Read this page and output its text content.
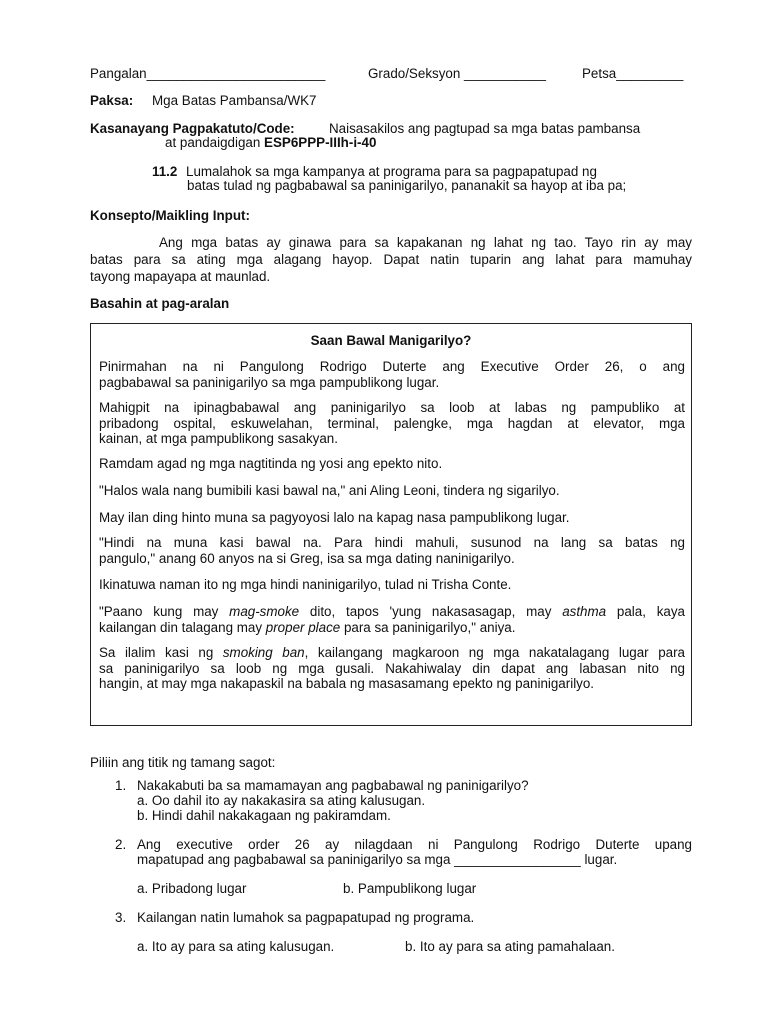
Pangalan________________________	Grado/Seksyon ___________	Petsa_________
Paksa: Mga Batas Pambansa/WK7
Kasanayang Pagpakatuto/Code:	Naisasakilos ang pagtupad sa mga batas pambansa
at pandaigdigan ESP6PPP-IIIh-i-40
11.2 Lumalahok sa mga kampanya at programa para sa pagpapatupad ng
batas tulad ng pagbabawal sa paninigarilyo, pananakit sa hayop at iba pa;
Konsepto/Maikling Input:
Ang mga batas ay ginawa para sa kapakanan ng lahat ng tao. Tayo rin ay may
batas para sa ating mga alagang hayop. Dapat natin tuparin ang lahat para mamuhay
tayong mapayapa at maunlad.
Basahin at pag-aralan
Saan Bawal Manigarilyo?
Pinirmahan na ni Pangulong Rodrigo Duterte ang Executive Order 26, o ang
pagbabawal sa paninigarilyo sa mga pampublikong lugar.
Mahigpit na ipinagbabawal ang paninigarilyo sa loob at labas ng pampubliko at
pribadong ospital, eskuwelahan, terminal, palengke, mga hagdan at elevator, mga
kainan, at mga pampublikong sasakyan.
Ramdam agad ng mga nagtitinda ng yosi ang epekto nito.
"Halos wala nang bumibili kasi bawal na," ani Aling Leoni, tindera ng sigarilyo.
May ilan ding hinto muna sa pagyoyosi lalo na kapag nasa pampublikong lugar.
"Hindi na muna kasi bawal na. Para hindi mahuli, susunod na lang sa batas ng
pangulo," anang 60 anyos na si Greg, isa sa mga dating naninigarilyo.
Ikinatuwa naman ito ng mga hindi naninigarilyo, tulad ni Trisha Conte.
"Paano kung may mag-smoke dito, tapos 'yung nakasasagap, may asthma pala, kaya
kailangan din talagang may proper place para sa paninigarilyo," aniya.
Sa ilalim kasi ng smoking ban, kailangang magkaroon ng mga nakatalagang lugar para
sa paninigarilyo sa loob ng mga gusali. Nakahiwalay din dapat ang labasan nito ng
hangin, at may mga nakapaskil na babala ng masasamang epekto ng paninigarilyo.
Piliin ang titik ng tamang sagot:
1. Nakakabuti ba sa mamamayan ang pagbabawal ng paninigarilyo?
a. Oo dahil ito ay nakakasira sa ating kalusugan.
b. Hindi dahil nakakagaan ng pakiramdam.
2. Ang executive order 26 ay nilagdaan ni Pangulong Rodrigo Duterte upang
mapatupad ang pagbabawal sa paninigarilyo sa mga _________________ lugar.
a. Pribadong lugar	b. Pampublikong lugar
3. Kailangan natin lumahok sa pagpapatupad ng programa.
a. Ito ay para sa ating kalusugan.	b. Ito ay para sa ating pamahalaan.
